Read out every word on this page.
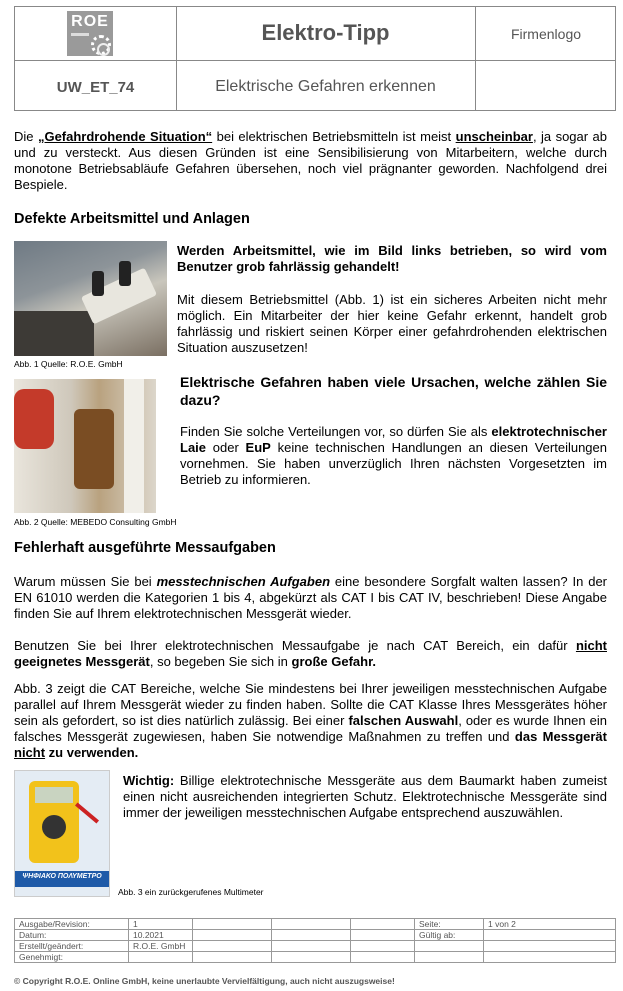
ROE	Elektro-Tipp	Firmenlogo
UW_ET_74	Elektrische Gefahren erkennen

Die „Gefahrdrohende Situation“ bei elektrischen Betriebsmitteln ist meist unscheinbar, ja sogar ab und zu versteckt. Aus diesen Gründen ist eine Sensibilisierung von Mitarbeitern, welche durch monotone Betriebsabläufe Gefahren übersehen, noch viel prägnanter geworden. Nachfolgend drei Bespiele.

Defekte Arbeitsmittel und Anlagen
Abb. 1 Quelle: R.O.E. GmbH

Werden Arbeitsmittel, wie im Bild links betrieben, so wird vom Benutzer grob fahrlässig gehandelt!

Mit diesem Betriebsmittel (Abb. 1) ist ein sicheres Arbeiten nicht mehr möglich. Ein Mitarbeiter der hier keine Gefahr erkennt, handelt grob fahrlässig und riskiert seinen Körper einer gefahrdrohenden elektrischen Situation auszusetzen!

Abb. 2 Quelle: MEBEDO Consulting GmbH

Elektrische Gefahren haben viele Ursachen, welche zählen Sie dazu?

Finden Sie solche Verteilungen vor, so dürfen Sie als elektrotechnischer Laie oder EuP keine technischen Handlungen an diesen Verteilungen vornehmen. Sie haben unverzüglich Ihren nächsten Vorgesetzten im Betrieb zu informieren.

Fehlerhaft ausgeführte Messaufgaben

Warum müssen Sie bei messtechnischen Aufgaben eine besondere Sorgfalt walten lassen? In der EN 61010 werden die Kategorien 1 bis 4, abgekürzt als CAT I bis CAT IV, beschrieben! Diese Angabe finden Sie auf Ihrem elektrotechnischen Messgerät wieder.

Benutzen Sie bei Ihrer elektrotechnischen Messaufgabe je nach CAT Bereich, ein dafür nicht geeignetes Messgerät, so begeben Sie sich in große Gefahr.

Abb. 3 zeigt die CAT Bereiche, welche Sie mindestens bei Ihrer jeweiligen messtechnischen Aufgabe parallel auf Ihrem Messgerät wieder zu finden haben. Sollte die CAT Klasse Ihres Messgerätes höher sein als gefordert, so ist dies natürlich zulässig. Bei einer falschen Auswahl, oder es wurde Ihnen ein falsches Messgerät zugewiesen, haben Sie notwendige Maßnahmen zu treffen und das Messgerät nicht zu verwenden.

ΨΗΦΙΑΚΟ ΠΟΛΥΜΕΤΡΟ
Abb. 3 ein zurückgerufenes Multimeter

Wichtig: Billige elektrotechnische Messgeräte aus dem Baumarkt haben zumeist einen nicht ausreichenden integrierten Schutz. Elektrotechnische Messgeräte sind immer der jeweiligen messtechnischen Aufgabe entsprechend auszuwählen.

Ausgabe/Revision:	1				Seite:	1 von 2
Datum:	10.2021				Gültig ab:	
Erstellt/geändert:	R.O.E. GmbH					
Genehmigt:						
© Copyright R.O.E. Online GmbH, keine unerlaubte Vervielfältigung, auch nicht auszugsweise!
